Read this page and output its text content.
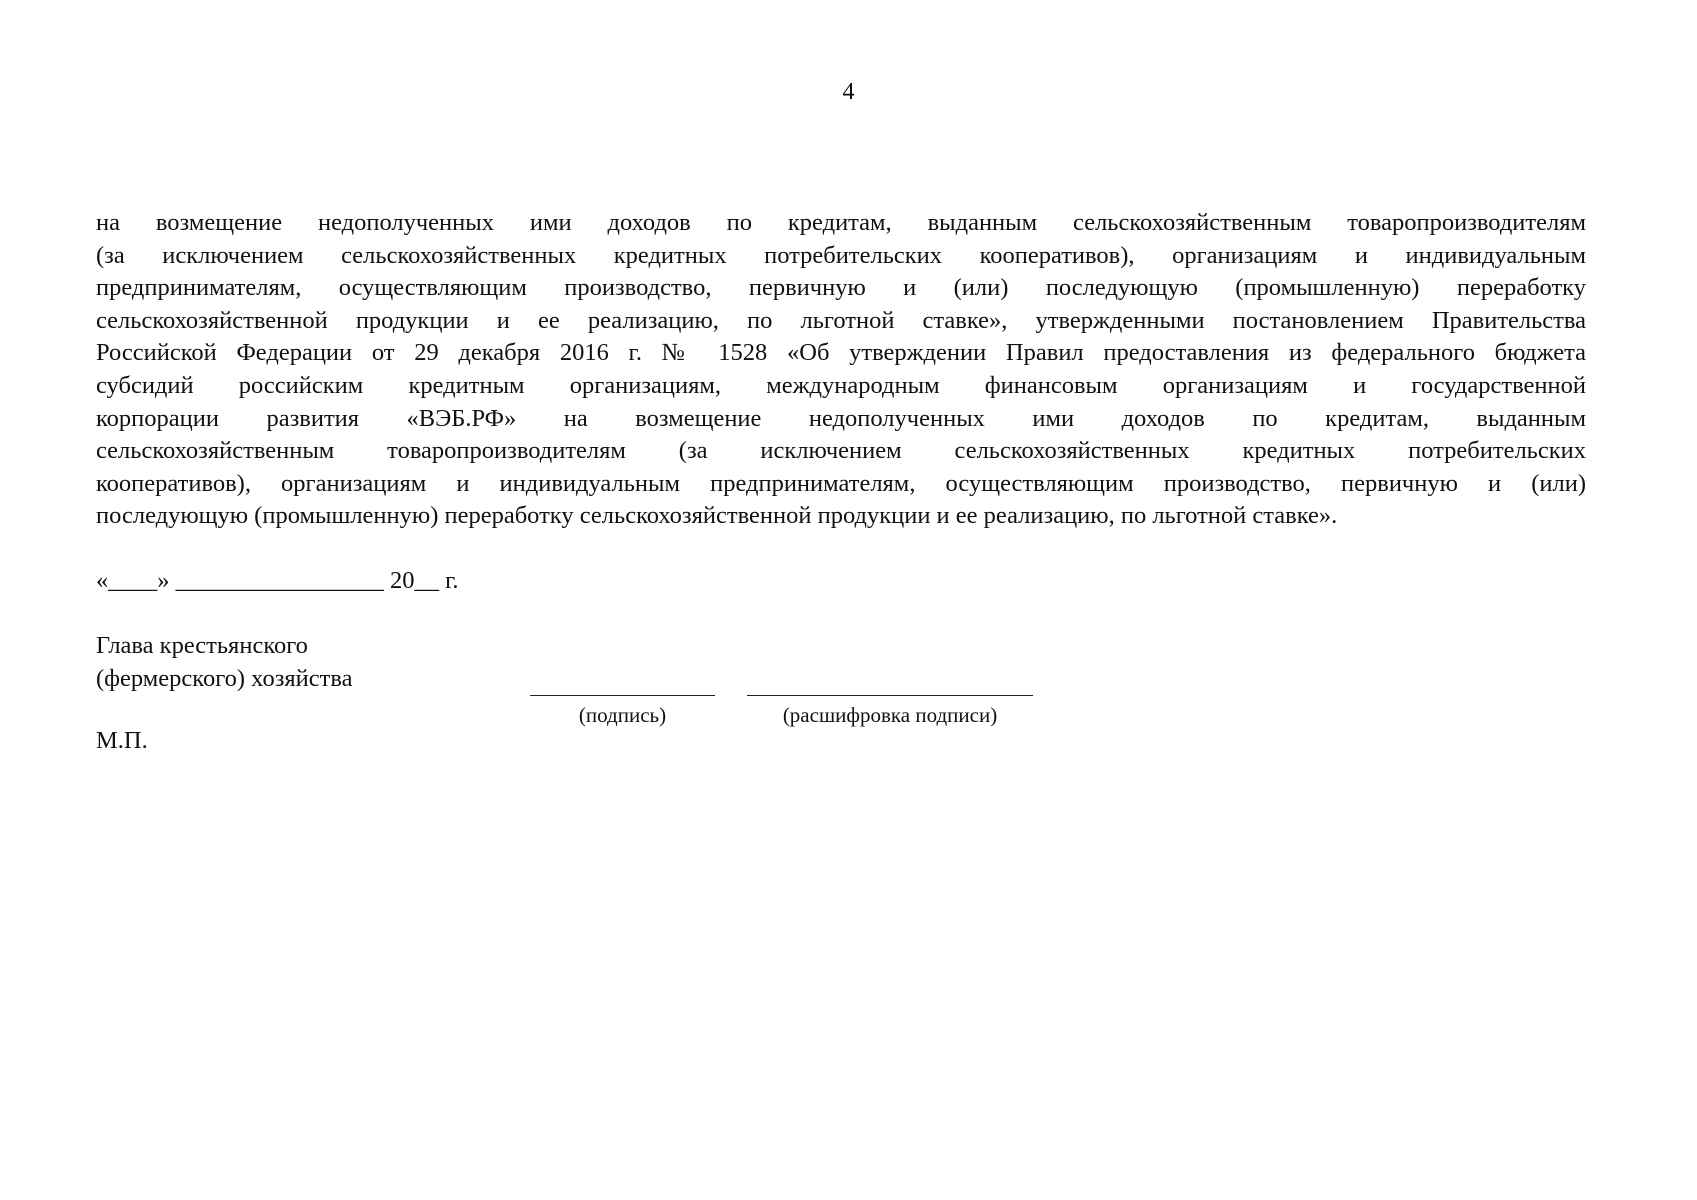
4
на возмещение недополученных ими доходов по кредитам, выданным сельскохозяйственным товаропроизводителям
(за исключением сельскохозяйственных кредитных потребительских кооперативов), организациям и индивидуальным
предпринимателям, осуществляющим производство, первичную и (или) последующую (промышленную) переработку
сельскохозяйственной продукции и ее реализацию, по льготной ставке», утвержденными постановлением Правительства
Российской Федерации от 29 декабря 2016 г. № 1528 «Об утверждении Правил предоставления из федерального бюджета
субсидий российским кредитным организациям, международным финансовым организациям и государственной
корпорации развития «ВЭБ.РФ» на возмещение недополученных ими доходов по кредитам, выданным
сельскохозяйственным товаропроизводителям (за исключением сельскохозяйственных кредитных потребительских
кооперативов), организациям и индивидуальным предпринимателям, осуществляющим производство, первичную и (или)
последующую (промышленную) переработку сельскохозяйственной продукции и ее реализацию, по льготной ставке».
«____» _________________ 20__ г.
Глава крестьянского
(фермерского) хозяйства
(подпись)	(расшифровка подписи)
М.П.
